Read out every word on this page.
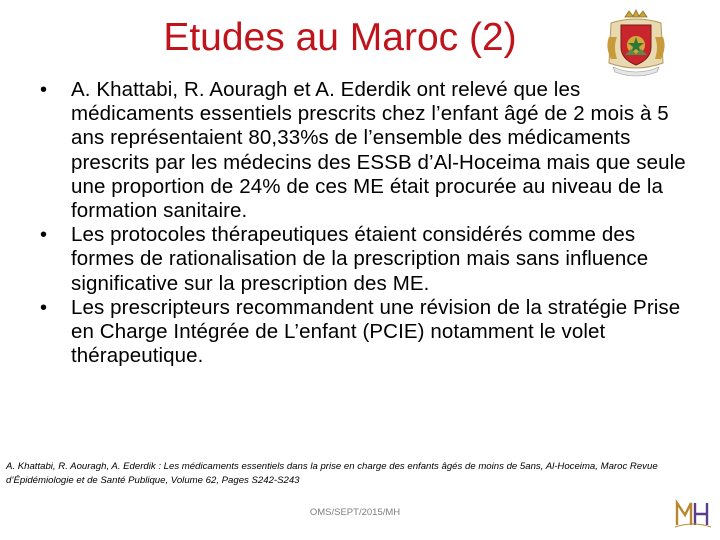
Etudes au Maroc (2)
• A. Khattabi, R. Aouragh et A. Ederdik ont relevé que les médicaments essentiels prescrits chez l’enfant âgé de 2 mois à 5 ans représentaient 80,33%s de l’ensemble des médicaments prescrits par les médecins des ESSB d’Al-Hoceima mais que seule une proportion de 24% de ces ME était procurée au niveau de la formation sanitaire.
• Les protocoles thérapeutiques étaient considérés comme des formes de rationalisation de la prescription mais sans influence significative sur la prescription des ME.
• Les prescripteurs recommandent une révision de la stratégie Prise en Charge Intégrée de L’enfant (PCIE) notamment le volet thérapeutique.
A. Khattabi, R. Aouragh, A. Ederdik : Les médicaments essentiels dans la prise en charge des enfants âgés de moins de 5ans, Al-Hoceima, Maroc Revue d’Épidémiologie et de Santé Publique, Volume 62, Pages S242-S243
OMS/SEPT/2015/MH
